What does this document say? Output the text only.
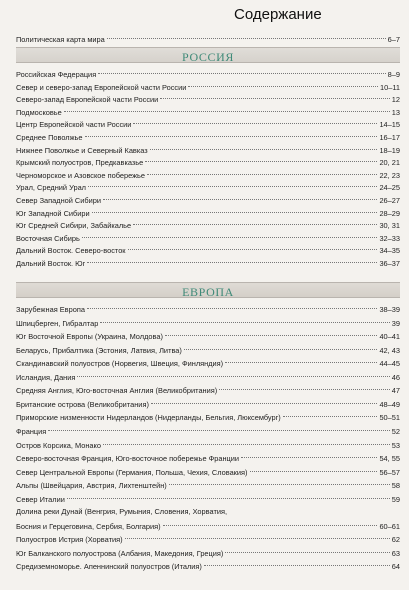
Содержание
Политическая карта мира	6–7
РОССИЯ
Российская Федерация	8–9
Север и северо-запад Европейской части России	10–11
Северо-запад Европейской части России	12
Подмосковье	13
Центр Европейской части России	14–15
Среднее Поволжье	16–17
Нижнее Поволжье и Северный Кавказ	18–19
Крымский полуостров, Предкавказье	20, 21
Черноморское и Азовское побережье	22, 23
Урал, Средний Урал	24–25
Север Западной Сибири	26–27
Юг Западной Сибири	28–29
Юг Средней Сибири, Забайкалье	30, 31
Восточная Сибирь	32–33
Дальний Восток. Северо-восток	34–35
Дальний Восток. Юг	36–37
ЕВРОПА
Зарубежная Европа	38–39
Шпицберген, Гибралтар	39
Юг Восточной Европы (Украина, Молдова)	40–41
Беларусь, Прибалтика (Эстония, Латвия, Литва)	42, 43
Скандинавский полуостров (Норвегия, Швеция, Финляндия)	44–45
Исландия, Дания	46
Средняя Англия, Юго-восточная Англия (Великобритания)	47
Британские острова (Великобритания)	48–49
Приморские низменности Нидерландов (Нидерланды, Бельгия, Люксембург)	50–51
Франция	52
Остров Корсика, Монако	53
Северо-восточная Франция, Юго-восточное побережье Франции	54, 55
Север Центральной Европы (Германия, Польша, Чехия, Словакия)	56–57
Альпы (Швейцария, Австрия, Лихтенштейн)	58
Север Италии	59
Долина реки Дунай (Венгрия, Румыния, Словения, Хорватия,
Босния и Герцеговина, Сербия, Болгария)	60–61
Полуостров Истрия (Хорватия)	62
Юг Балканского полуострова (Албания, Македония, Греция)	63
Средиземноморье. Апеннинский полуостров (Италия)	64
